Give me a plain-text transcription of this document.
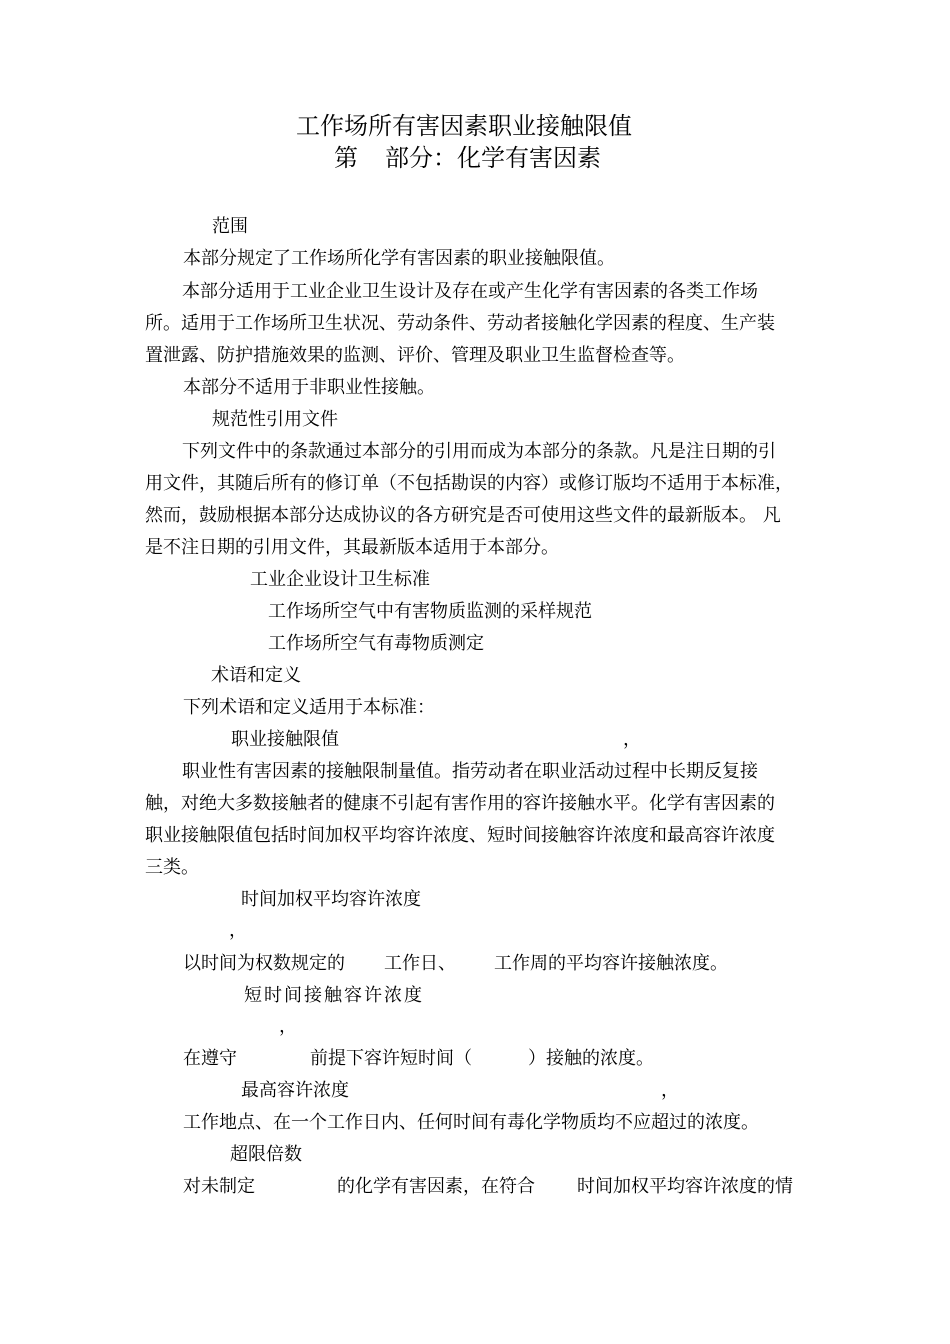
工作场所有害因素职业接触限值
第 部分：化学有害因素
范围
本部分规定了工作场所化学有害因素的职业接触限值。
本部分适用于工业企业卫生设计及存在或产生化学有害因素的各类工作场
所。适用于工作场所卫生状况、劳动条件、劳动者接触化学因素的程度、生产装
置泄露、防护措施效果的监测、评价、管理及职业卫生监督检查等。
本部分不适用于非职业性接触。
规范性引用文件
下列文件中的条款通过本部分的引用而成为本部分的条款。凡是注日期的引
用文件，其随后所有的修订单（不包括勘误的内容）或修订版均不适用于本标准，
然而，鼓励根据本部分达成协议的各方研究是否可使用这些文件的最新版本。 凡
是不注日期的引用文件，其最新版本适用于本部分。
工业企业设计卫生标准
工作场所空气中有害物质监测的采样规范
工作场所空气有毒物质测定
术语和定义
下列术语和定义适用于本标准：
职业接触限值	，
职业性有害因素的接触限制量值。指劳动者在职业活动过程中长期反复接
触，对绝大多数接触者的健康不引起有害作用的容许接触水平。化学有害因素的
职业接触限值包括时间加权平均容许浓度、短时间接触容许浓度和最高容许浓度
三类。
时间加权平均容许浓度
，
以时间为权数规定的 工作日、 工作周的平均容许接触浓度。
短时间接触容许浓度
，
在遵守	前提下容许短时间（	）接触的浓度。
最高容许浓度	，
工作地点、在一个工作日内、任何时间有毒化学物质均不应超过的浓度。
超限倍数
对未制定	的化学有害因素，在符合 时间加权平均容许浓度的情
